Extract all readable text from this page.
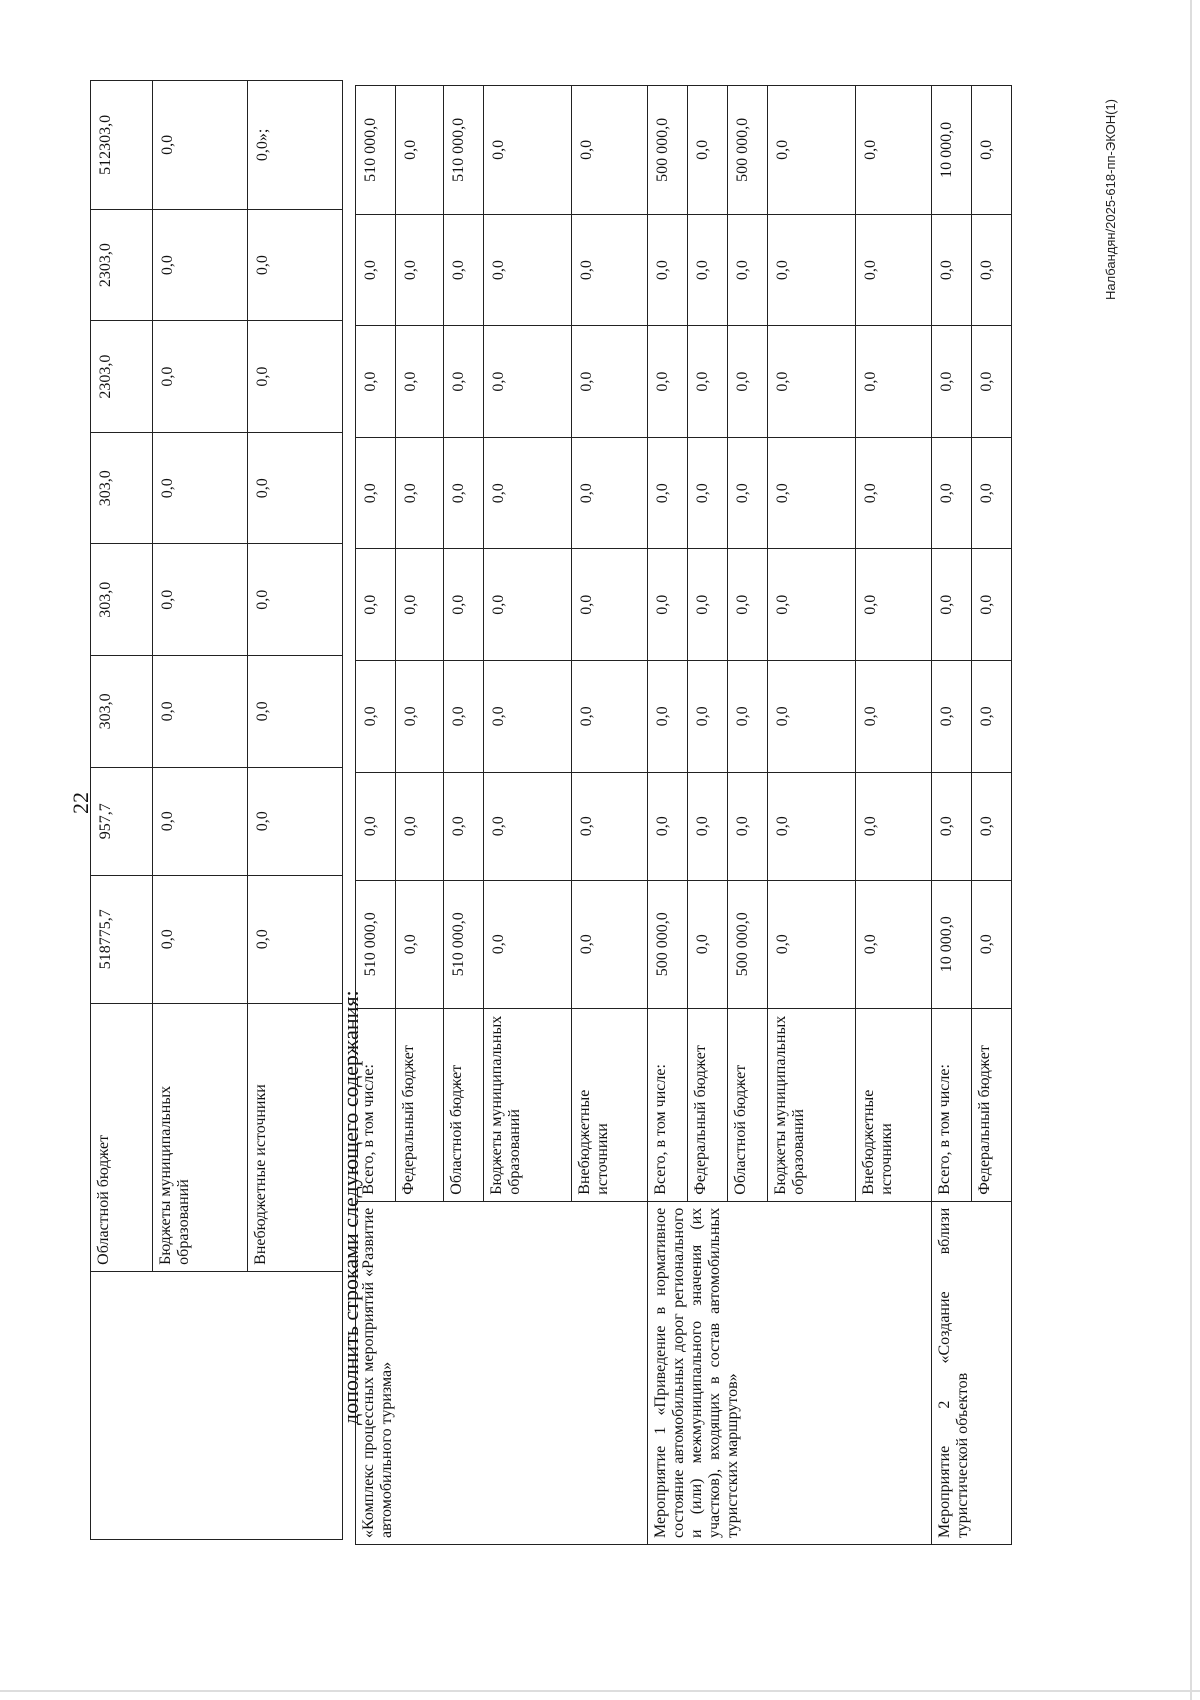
22
	Областной бюджет	518775,7	957,7	303,0	303,0	303,0	2303,0	2303,0	512303,0
	Бюджеты муниципальных образований	0,0	0,0	0,0	0,0	0,0	0,0	0,0	0,0
	Внебюджетные источники	0,0	0,0	0,0	0,0	0,0	0,0	0,0	0,0»;
дополнить строками следующего содержания:
«Комплекс процессных мероприятий «Развитие автомобильного туризма»	Всего, в том числе:	510 000,0	0,0	0,0	0,0	0,0	0,0	0,0	510 000,0
	Федеральный бюджет	0,0	0,0	0,0	0,0	0,0	0,0	0,0	0,0
	Областной бюджет	510 000,0	0,0	0,0	0,0	0,0	0,0	0,0	510 000,0
	Бюджеты муниципальных образований	0,0	0,0	0,0	0,0	0,0	0,0	0,0	0,0
	Внебюджетные источники	0,0	0,0	0,0	0,0	0,0	0,0	0,0	0,0
Мероприятие 1 «Приведение в нормативное состояние автомобильных дорог регионального и (или) межмуниципального значения (их участков), входящих в состав автомобильных туристских маршрутов»	Всего, в том числе:	500 000,0	0,0	0,0	0,0	0,0	0,0	0,0	500 000,0
	Федеральный бюджет	0,0	0,0	0,0	0,0	0,0	0,0	0,0	0,0
	Областной бюджет	500 000,0	0,0	0,0	0,0	0,0	0,0	0,0	500 000,0
	Бюджеты муниципальных образований	0,0	0,0	0,0	0,0	0,0	0,0	0,0	0,0
	Внебюджетные источники	0,0	0,0	0,0	0,0	0,0	0,0	0,0	0,0
Мероприятие 2 «Создание вблизи туристической объектов	Всего, в том числе:	10 000,0	0,0	0,0	0,0	0,0	0,0	0,0	10 000,0
	Федеральный бюджет	0,0	0,0	0,0	0,0	0,0	0,0	0,0	0,0	Налбандян/2025-618-пп-ЭКОН(1)
